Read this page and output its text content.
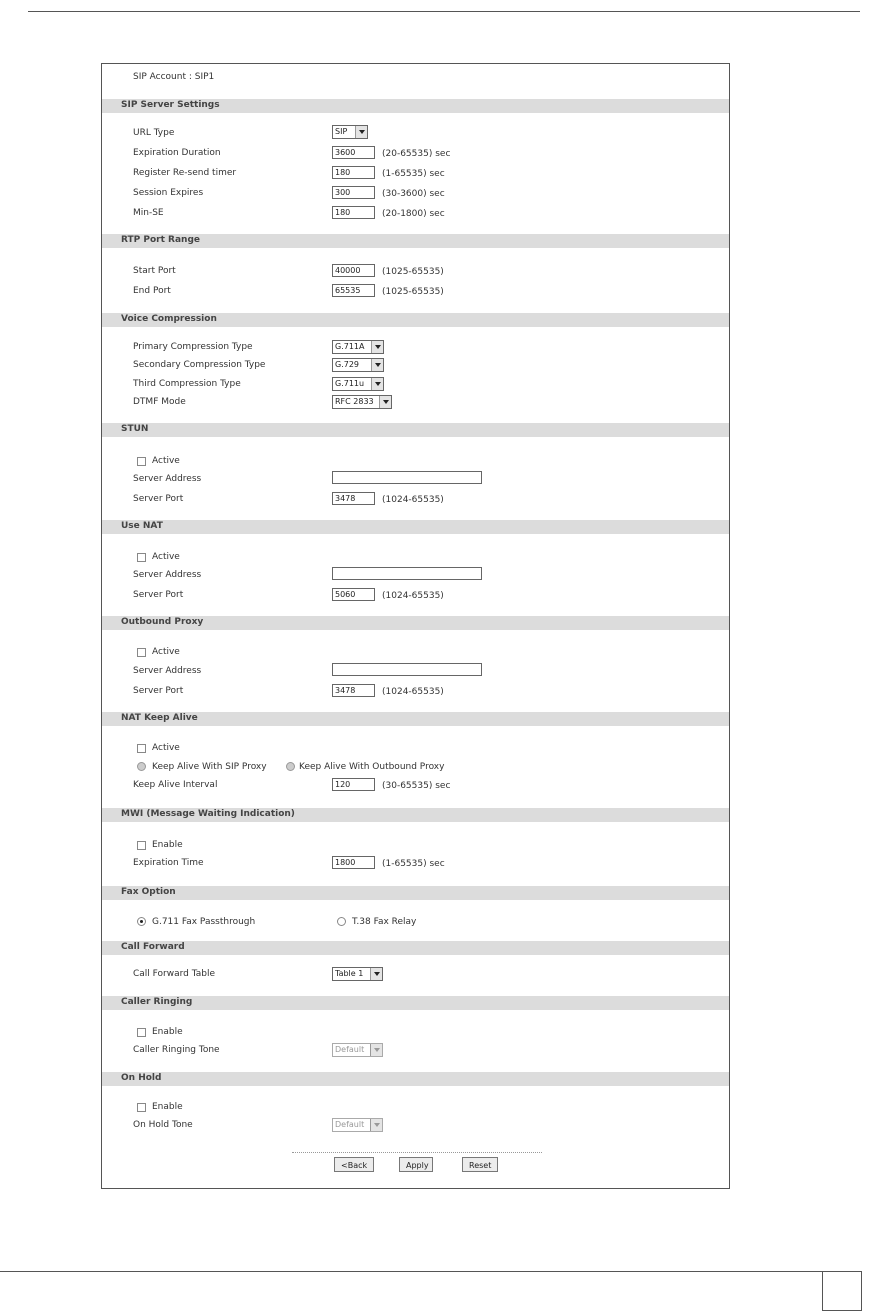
SIP Account : SIP1
SIP Server Settings
URL Type	SIP
Expiration Duration	3600	(20-65535) sec
Register Re-send timer	180	(1-65535) sec
Session Expires	300	(30-3600) sec
Min-SE	180	(20-1800) sec
RTP Port Range
Start Port	40000	(1025-65535)
End Port	65535	(1025-65535)
Voice Compression
Primary Compression Type	G.711A
Secondary Compression Type	G.729
Third Compression Type	G.711u
DTMF Mode	RFC 2833
STUN
Active
Server Address
Server Port	3478	(1024-65535)
Use NAT
Active
Server Address
Server Port	5060	(1024-65535)
Outbound Proxy
Active
Server Address
Server Port	3478	(1024-65535)
NAT Keep Alive
Active
Keep Alive With SIP Proxy	Keep Alive With Outbound Proxy
Keep Alive Interval	120	(30-65535) sec
MWI (Message Waiting Indication)
Enable
Expiration Time	1800	(1-65535) sec
Fax Option
G.711 Fax Passthrough	T.38 Fax Relay
Call Forward
Call Forward Table	Table 1
Caller Ringing
Enable
Caller Ringing Tone	Default
On Hold
Enable
On Hold Tone	Default
<Back	Apply	Reset
